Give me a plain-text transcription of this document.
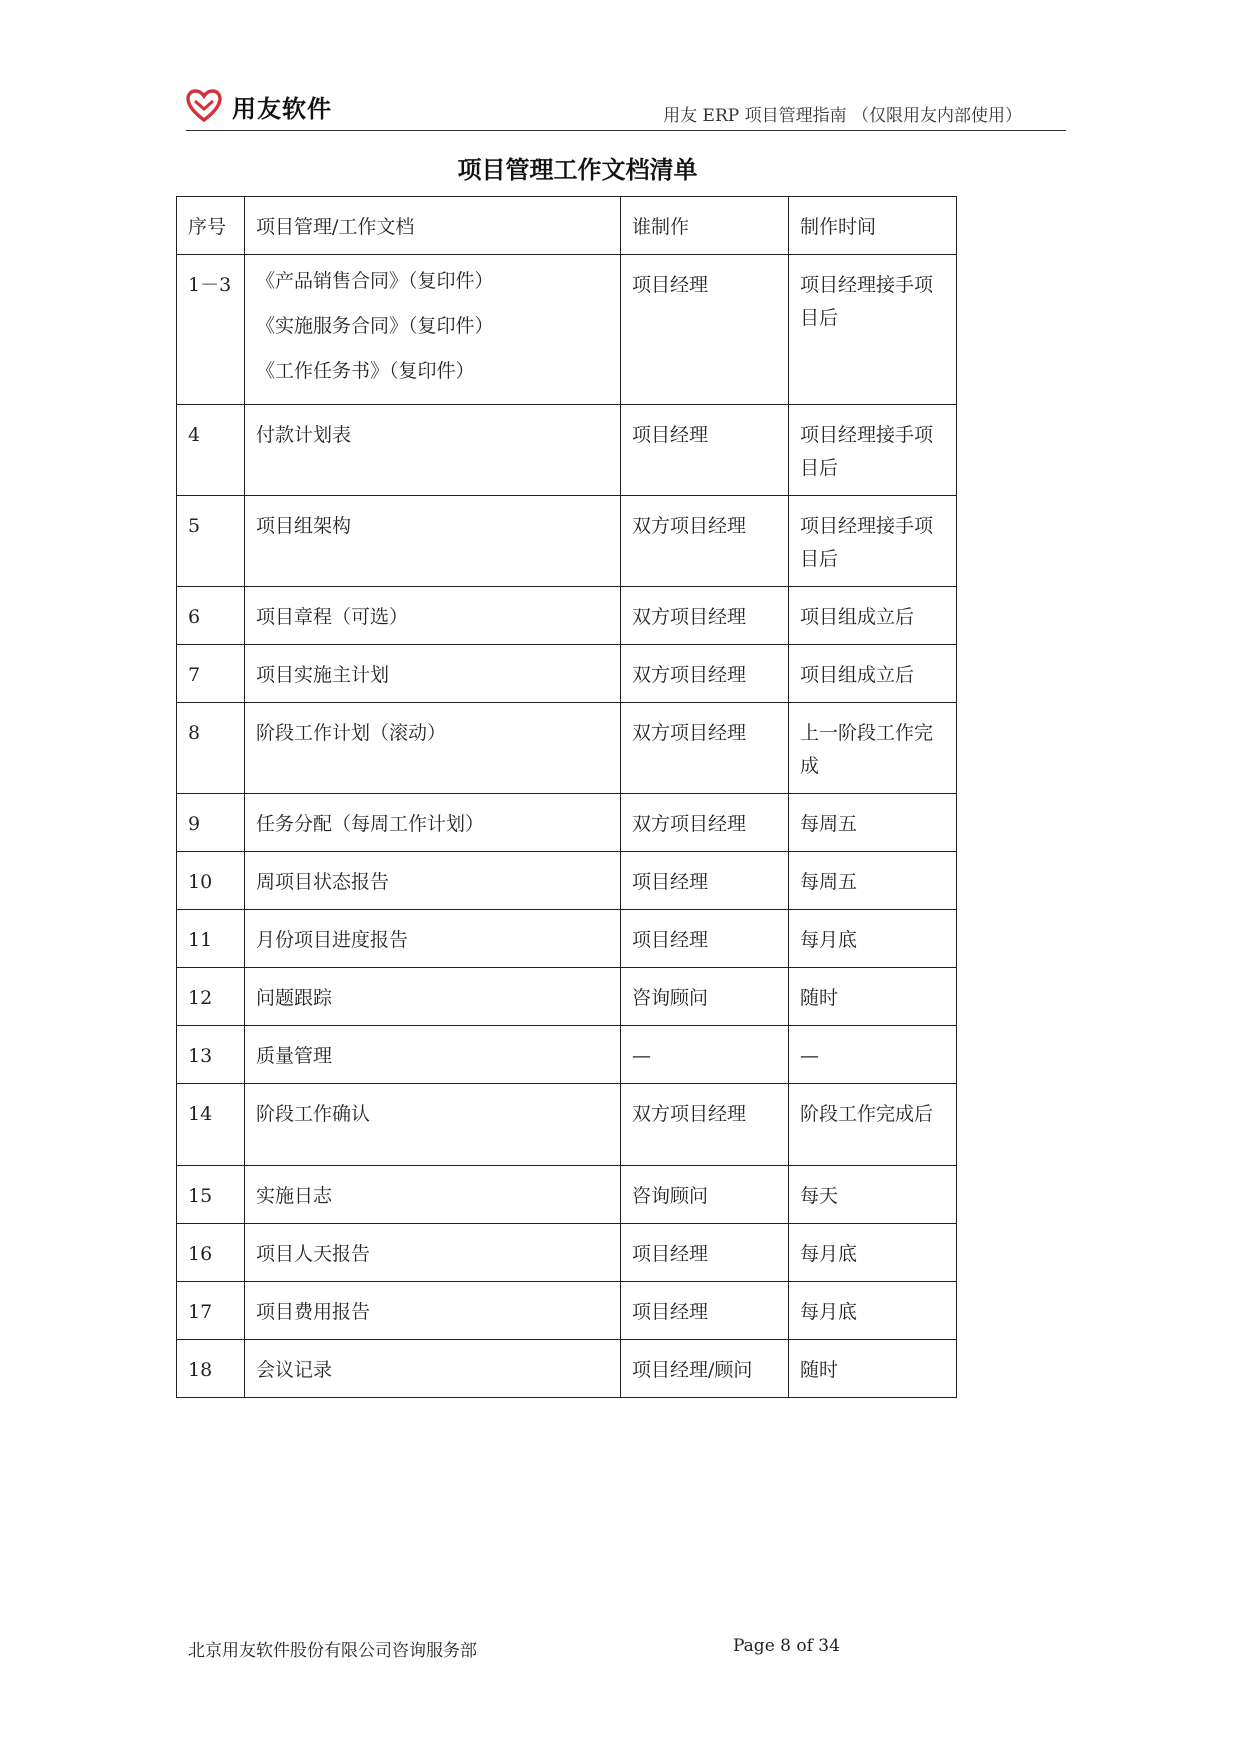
用友软件	用友 ERP 项目管理指南 （仅限用友内部使用）
项目管理工作文档清单
序号	项目管理/工作文档	谁制作	制作时间
1－3	《产品销售合同》（复印件）
《实施服务合同》（复印件）
《工作任务书》（复印件）	项目经理	项目经理接手项目后
4	付款计划表	项目经理	项目经理接手项目后
5	项目组架构	双方项目经理	项目经理接手项目后
6	项目章程（可选）	双方项目经理	项目组成立后
7	项目实施主计划	双方项目经理	项目组成立后
8	阶段工作计划（滚动）	双方项目经理	上一阶段工作完成
9	任务分配（每周工作计划）	双方项目经理	每周五
10	周项目状态报告	项目经理	每周五
11	月份项目进度报告	项目经理	每月底
12	问题跟踪	咨询顾问	随时
13	质量管理	—	—
14	阶段工作确认	双方项目经理	阶段工作完成后
15	实施日志	咨询顾问	每天
16	项目人天报告	项目经理	每月底
17	项目费用报告	项目经理	每月底
18	会议记录	项目经理/顾问	随时
北京用友软件股份有限公司咨询服务部	Page 8 of 34
